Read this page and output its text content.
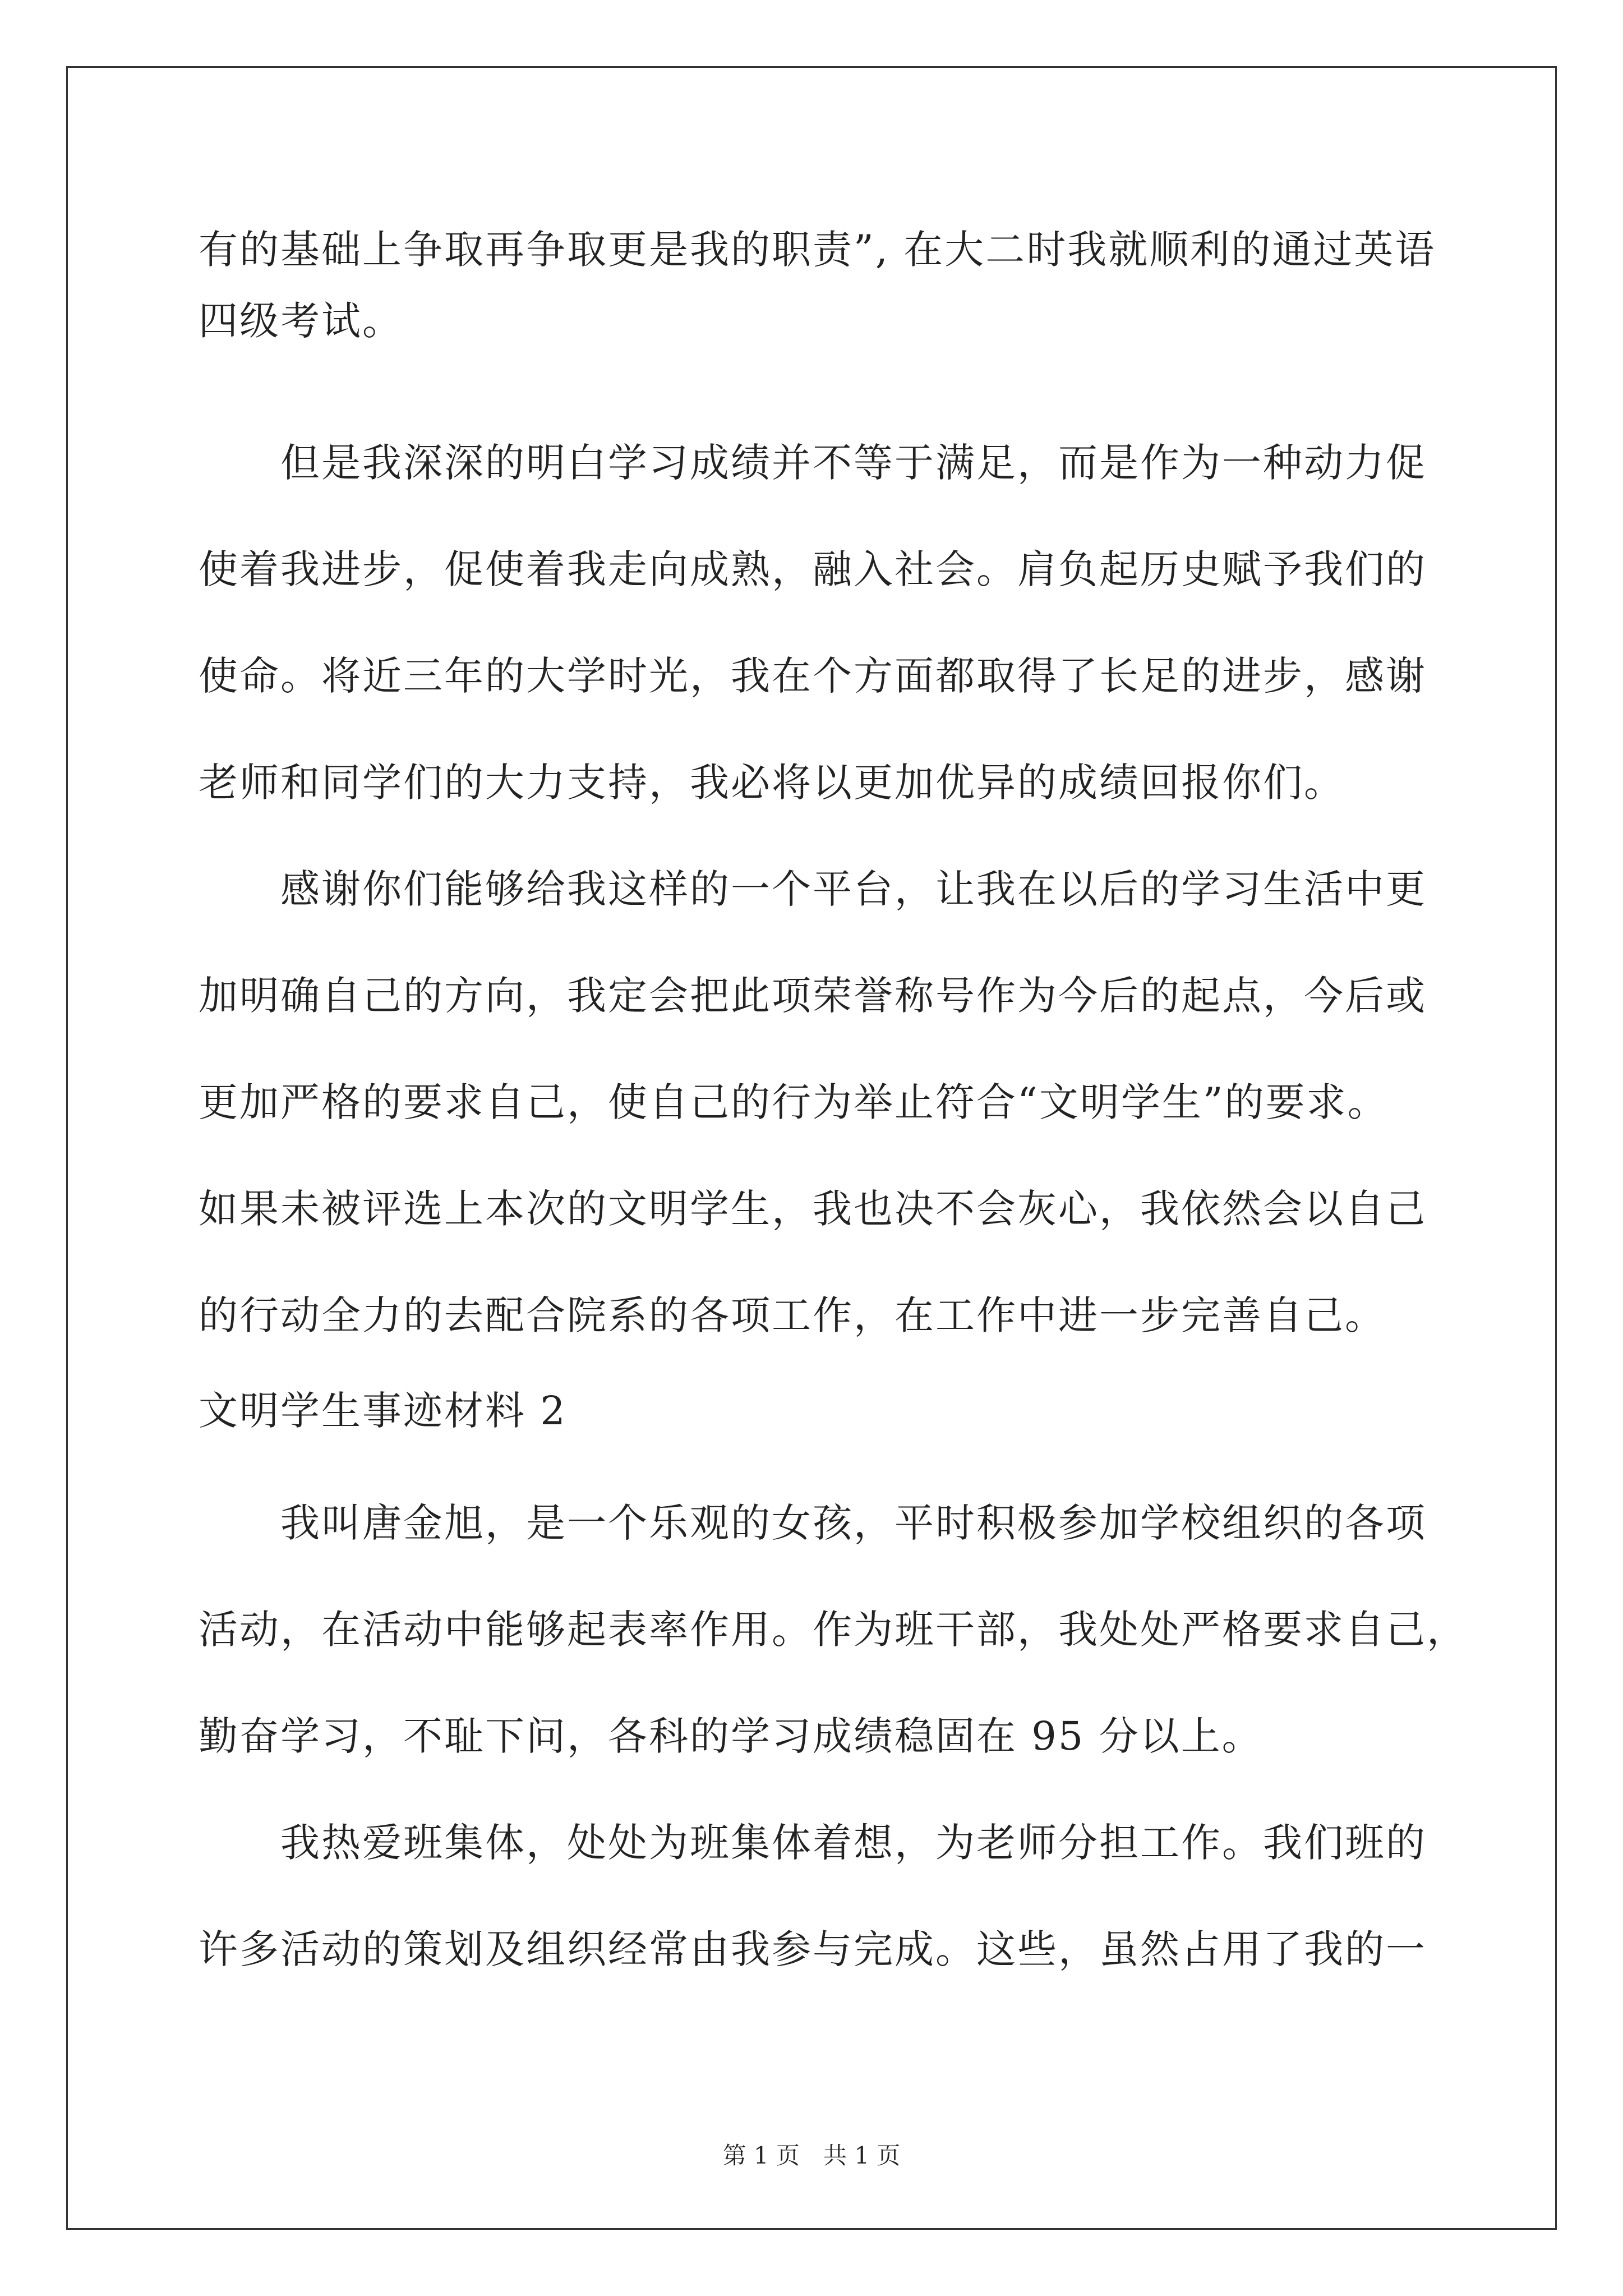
有的基础上争取再争取更是我的职责”, 在大二时我就顺利的通过英语
四级考试。
但是我深深的明白学习成绩并不等于满足，而是作为一种动力促
使着我进步，促使着我走向成熟，融入社会。肩负起历史赋予我们的
使命。将近三年的大学时光，我在个方面都取得了长足的进步，感谢
老师和同学们的大力支持，我必将以更加优异的成绩回报你们。
感谢你们能够给我这样的一个平台，让我在以后的学习生活中更
加明确自己的方向，我定会把此项荣誉称号作为今后的起点，今后或
更加严格的要求自己，使自己的行为举止符合“文明学生”的要求。
如果未被评选上本次的文明学生，我也决不会灰心，我依然会以自己
的行动全力的去配合院系的各项工作，在工作中进一步完善自己。
文明学生事迹材料 2
我叫唐金旭，是一个乐观的女孩，平时积极参加学校组织的各项
活动，在活动中能够起表率作用。作为班干部，我处处严格要求自己，
勤奋学习，不耻下问，各科的学习成绩稳固在 95 分以上。
我热爱班集体，处处为班集体着想，为老师分担工作。我们班的
许多活动的策划及组织经常由我参与完成。这些，虽然占用了我的一
第 1 页　共 1 页
